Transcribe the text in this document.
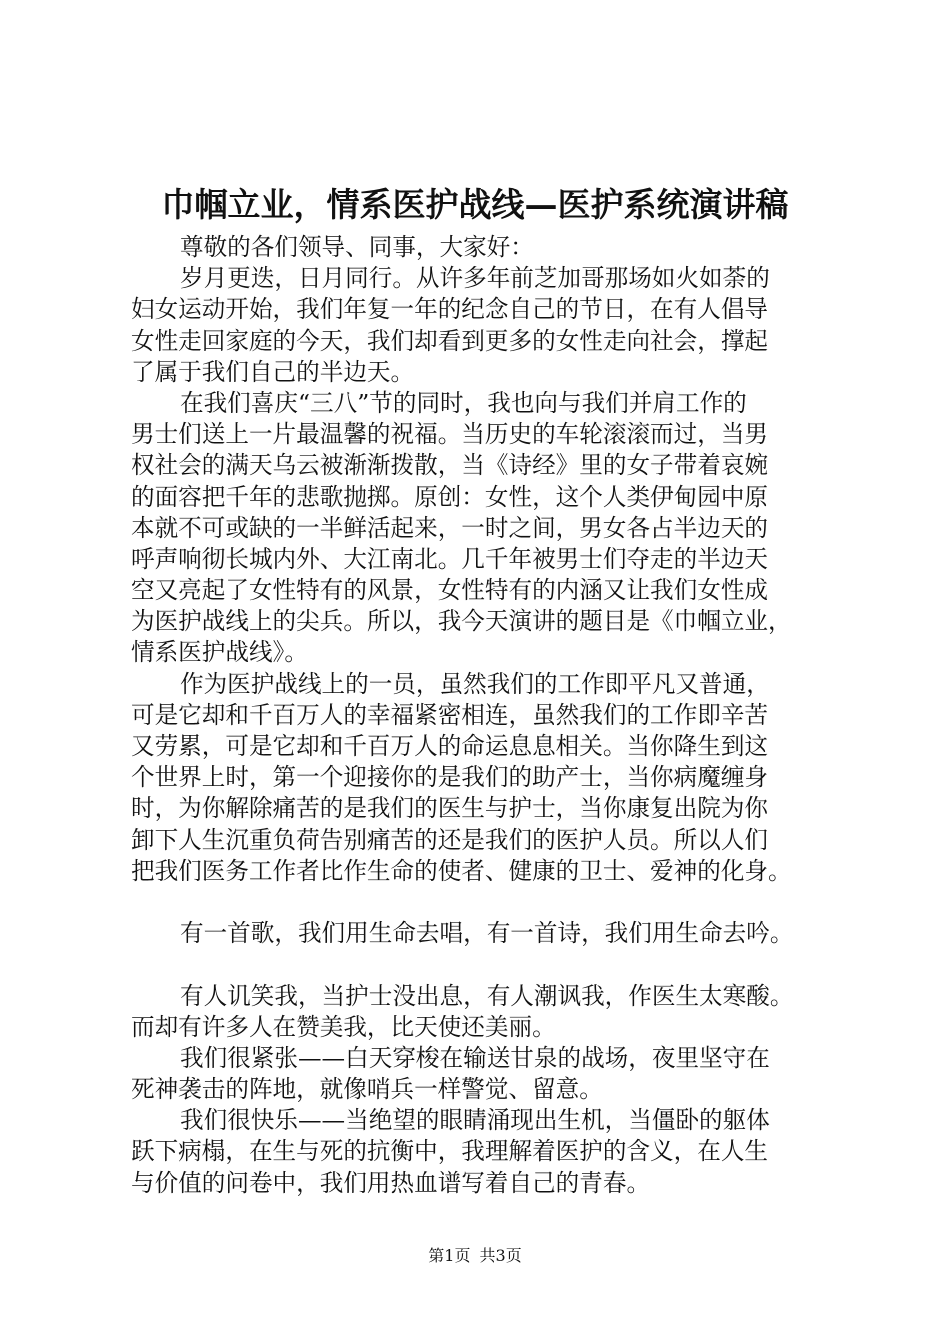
巾帼立业，情系医护战线—医护系统演讲稿

尊敬的各们领导、同事，大家好：

岁月更迭，日月同行。从许多年前芝加哥那场如火如荼的

妇女运动开始，我们年复一年的纪念自己的节日，在有人倡导

女性走回家庭的今天，我们却看到更多的女性走向社会，撑起

了属于我们自己的半边天。

在我们喜庆“三八”节的同时，我也向与我们并肩工作的

男士们送上一片最温馨的祝福。当历史的车轮滚滚而过，当男

权社会的满天乌云被渐渐拨散，当《诗经》里的女子带着哀婉

的面容把千年的悲歌抛掷。原创：女性，这个人类伊甸园中原

本就不可或缺的一半鲜活起来，一时之间，男女各占半边天的

呼声响彻长城内外、大江南北。几千年被男士们夺走的半边天

空又亮起了女性特有的风景，女性特有的内涵又让我们女性成

为医护战线上的尖兵。所以，我今天演讲的题目是《巾帼立业，

情系医护战线》。

作为医护战线上的一员，虽然我们的工作即平凡又普通，

可是它却和千百万人的幸福紧密相连，虽然我们的工作即辛苦

又劳累，可是它却和千百万人的命运息息相关。当你降生到这

个世界上时，第一个迎接你的是我们的助产士，当你病魔缠身

时，为你解除痛苦的是我们的医生与护士，当你康复出院为你

卸下人生沉重负荷告别痛苦的还是我们的医护人员。所以人们

把我们医务工作者比作生命的使者、健康的卫士、爱神的化身。

有一首歌，我们用生命去唱，有一首诗，我们用生命去吟。

有人讥笑我，当护士没出息，有人潮讽我，作医生太寒酸。

而却有许多人在赞美我，比天使还美丽。

我们很紧张——白天穿梭在输送甘泉的战场，夜里坚守在

死神袭击的阵地，就像哨兵一样警觉、留意。

我们很快乐——当绝望的眼睛涌现出生机，当僵卧的躯体

跃下病榻，在生与死的抗衡中，我理解着医护的含义，在人生

与价值的问卷中，我们用热血谱写着自己的青春。

第1页 共3页
